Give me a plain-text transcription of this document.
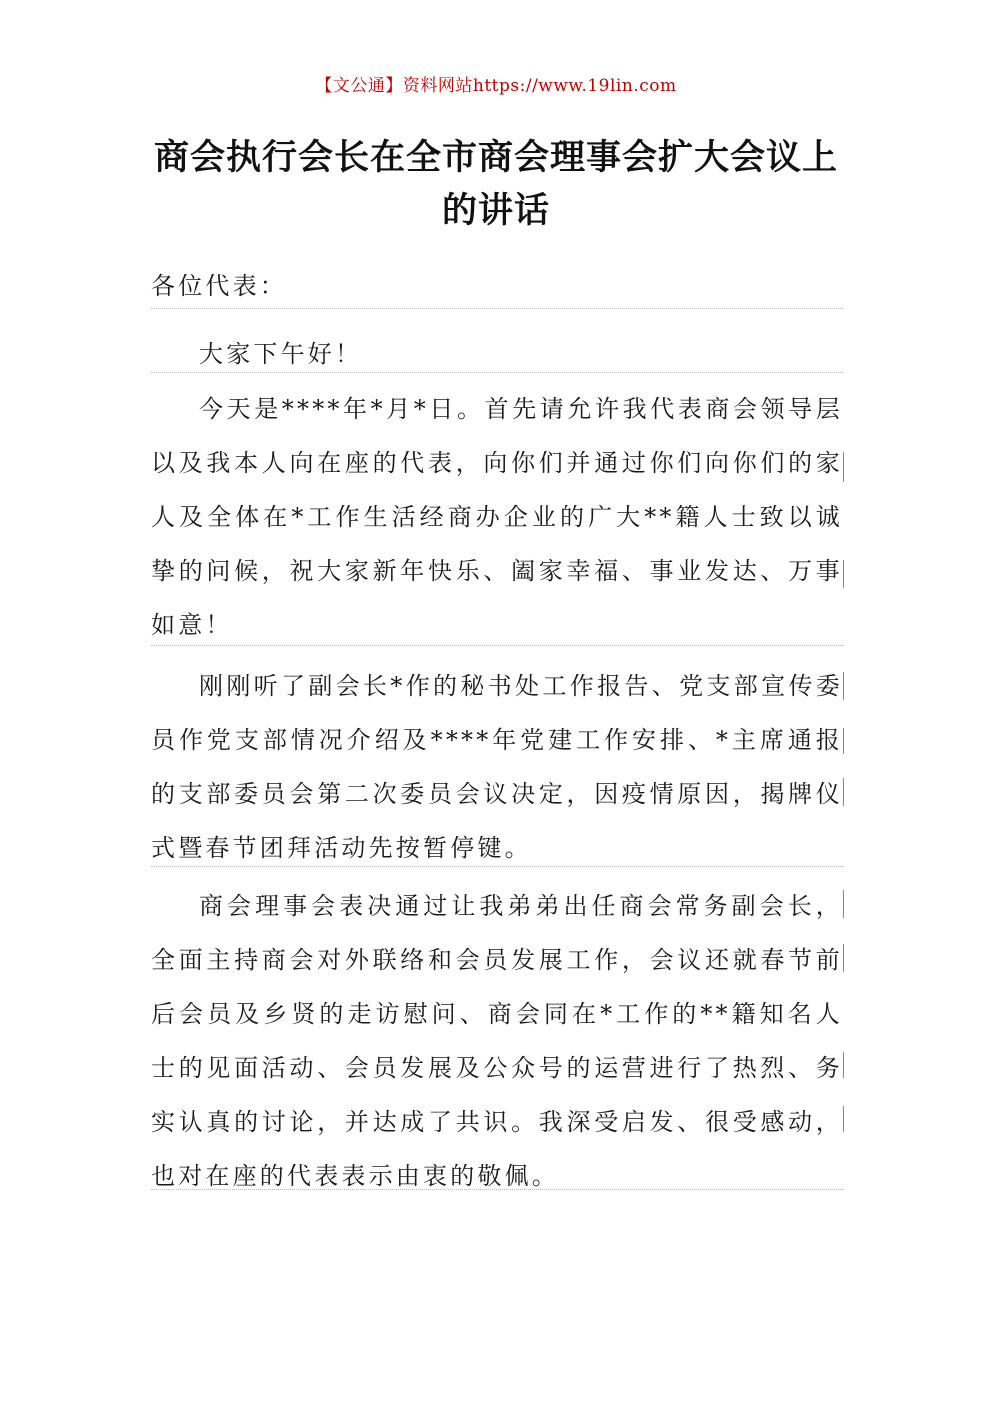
【文公通】资料网站https://www.19lin.com
商会执行会长在全市商会理事会扩大会议上的讲话
各位代表：
大家下午好！
今天是****年*月*日。首先请允许我代表商会领导层以及我本人向在座的代表，向你们并通过你们向你们的家人及全体在*工作生活经商办企业的广大**籍人士致以诚挚的问候，祝大家新年快乐、阖家幸福、事业发达、万事如意！
刚刚听了副会长*作的秘书处工作报告、党支部宣传委员作党支部情况介绍及****年党建工作安排、*主席通报的支部委员会第二次委员会议决定，因疫情原因，揭牌仪式暨春节团拜活动先按暂停键。
商会理事会表决通过让我弟弟出任商会常务副会长，全面主持商会对外联络和会员发展工作，会议还就春节前后会员及乡贤的走访慰问、商会同在*工作的**籍知名人士的见面活动、会员发展及公众号的运营进行了热烈、务实认真的讨论，并达成了共识。我深受启发、很受感动，也对在座的代表表示由衷的敬佩。
